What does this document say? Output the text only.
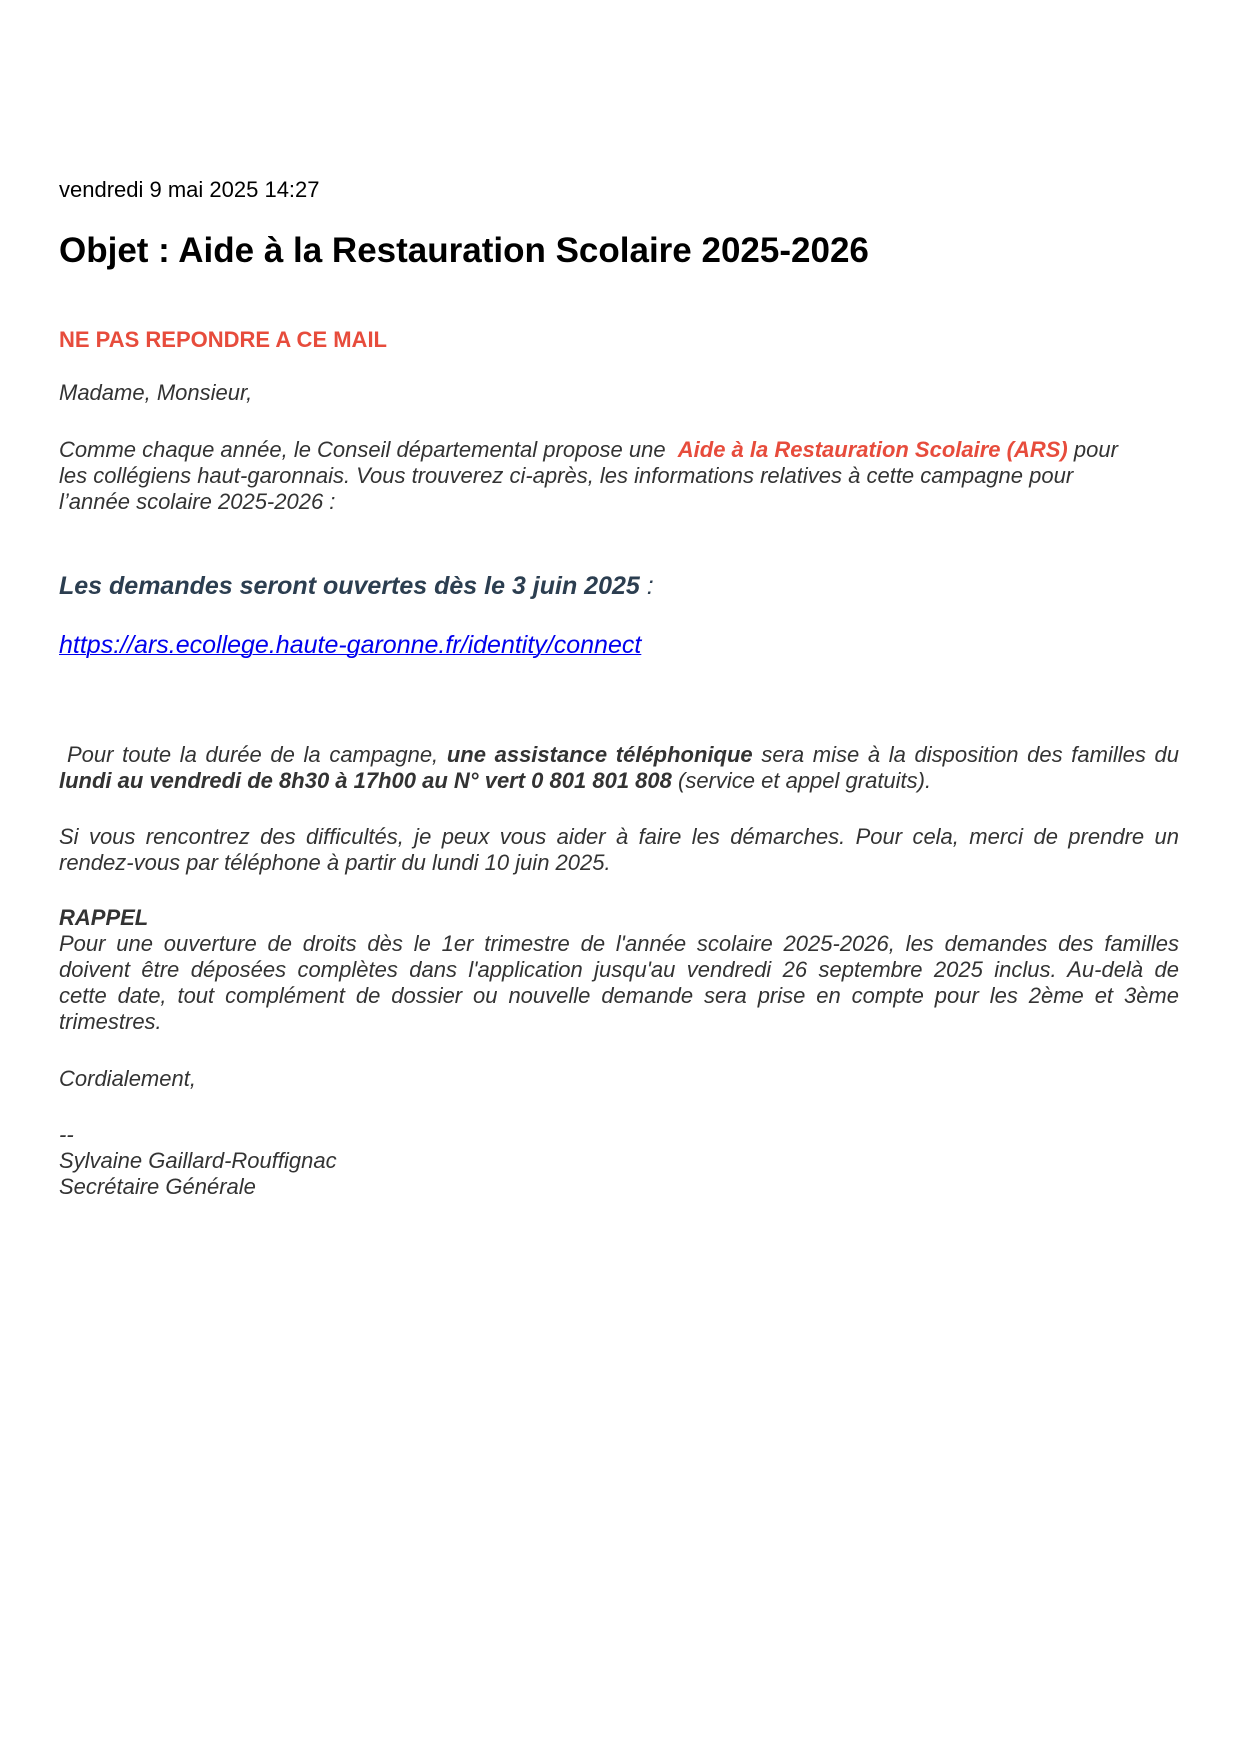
vendredi 9 mai 2025 14:27
Objet : Aide à la Restauration Scolaire 2025-2026
NE PAS REPONDRE A CE MAIL
Madame, Monsieur,
Comme chaque année, le Conseil départemental propose une Aide à la Restauration Scolaire (ARS) pour
les collégiens haut-garonnais. Vous trouverez ci-après, les informations relatives à cette campagne pour
l’année scolaire 2025-2026 :
Les demandes seront ouvertes dès le 3 juin 2025 :
https://ars.ecollege.haute-garonne.fr/identity/connect
Pour toute la durée de la campagne, une assistance téléphonique sera mise à la disposition des familles du
lundi au vendredi de 8h30 à 17h00 au N° vert 0 801 801 808 (service et appel gratuits).
Si vous rencontrez des difficultés, je peux vous aider à faire les démarches. Pour cela, merci de prendre un
rendez-vous par téléphone à partir du lundi 10 juin 2025.
RAPPEL
Pour une ouverture de droits dès le 1er trimestre de l'année scolaire 2025-2026, les demandes des familles
doivent être déposées complètes dans l'application jusqu'au vendredi 26 septembre 2025 inclus. Au-delà de
cette date, tout complément de dossier ou nouvelle demande sera prise en compte pour les 2ème et 3ème
trimestres.
Cordialement,
--
Sylvaine Gaillard-Rouffignac
Secrétaire Générale
